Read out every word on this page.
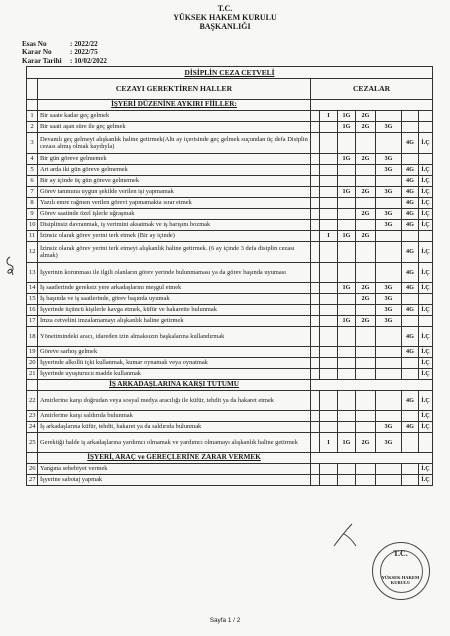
T.C.
YÜKSEK HAKEM KURULU
BAŞKANLIĞI
Esas No	: 2022/22
Karar No	: 2022/75
Karar Tarihi : 10/02/2022
DİSİPLİN CEZA CETVELİ								
	CEZAYI GEREKTİREN HALLER	CEZALAR						
	İŞYERİ DÜZENİNE AYKIRI FİİLLER:							
1	Bir saate kadar geç gelmek		I	1G	2G			
2	Bir saati aşan süre ile geç gelmek			1G	2G	3G		
3	Devamlı geç gelmeyi alışkanlık haline getirmek(Altı ay içerisinde geç gelmek suçundan üç defa Disiplin cezası almış olmak kaydıyla)						4G	İ.Ç
4	Bir gün göreve gelmemek			1G	2G	3G		
5	Art arda iki gün göreve gelmemek					3G	4G	İ.Ç
6	Bir ay içinde üç gün göreve gelmemek						4G	İ.Ç
7	Görev tanımına uygun şekilde verilen işi yapmamak			1G	2G	3G	4G	İ.Ç
8	Yazılı emre rağmen verilen görevi yapmamakta ısrar etmek						4G	İ.Ç
9	Görev saatinde özel işlerle uğraşmak				2G	3G	4G	İ.Ç
10	Disiplinsiz davranmak, iş verimini aksatmak ve iş barışını bozmak					3G	4G	İ.Ç
11	İzinsiz olarak görev yerini terk etmek (Bir ay içinde)		I	1G	2G			
12	İzinsiz olarak görev yerini terk etmeyi alışkanlık haline getirmek. (6 ay içinde 3 defa disiplin cezası almak)						4G	İ.Ç
13	İşyerinin korunması ile ilgili olanların görev yerinde bulunmaması ya da görev başında uyuması						4G	İ.Ç
14	İş saatlerinde gereksiz yere arkadaşlarını meşgul etmek			1G	2G	3G	4G	İ.Ç
15	İş başında ve iş saatlerinde, görev başında uyumak				2G	3G		
16	İşyerinde üçüncü kişilerle kavga etmek, küfür ve hakarette bulunmak					3G	4G	İ.Ç
17	İmza cetvelini imzalamamayı alışkanlık haline getirmek			1G	2G	3G		
18	Yönetimindeki aracı, idareden izin almaksızın başkalarına kullandırmak						4G	İ.Ç
19	Göreve sarhoş gelmek						4G	İ.Ç
20	İşyerinde alkollü içki kullanmak, kumar oynamak veya oynatmak							İ.Ç
21	İşyerinde uyuşturucu madde kullanmak							İ.Ç
	İŞ ARKADAŞLARINA KARŞI TUTUMU							
22	Amirlerine karşı doğrudan veya sosyal medya aracılığı ile küfür, tehdit ya da hakaret etmek						4G	İ.Ç
23	Amirlerine karşı saldırıda bulunmak							İ.Ç
24	İş arkadaşlarına küfür, tehdit, hakaret ya da saldırıda bulunmak					3G	4G	İ.Ç
25	Gerektiği halde iş arkadaşlarına yardımcı olmamak ve yardımcı olmamayı alışkanlık haline getirmek		I	1G	2G	3G		
	İŞYERİ, ARAÇ ve GEREÇLERİNE ZARAR VERMEK							
26	Yangına sebebiyet vermek							İ.Ç
27	İşyerine sabotaj yapmak							İ.Ç
T.C.
YÜKSEK HAKEM KURULU
Sayfa 1 / 2
